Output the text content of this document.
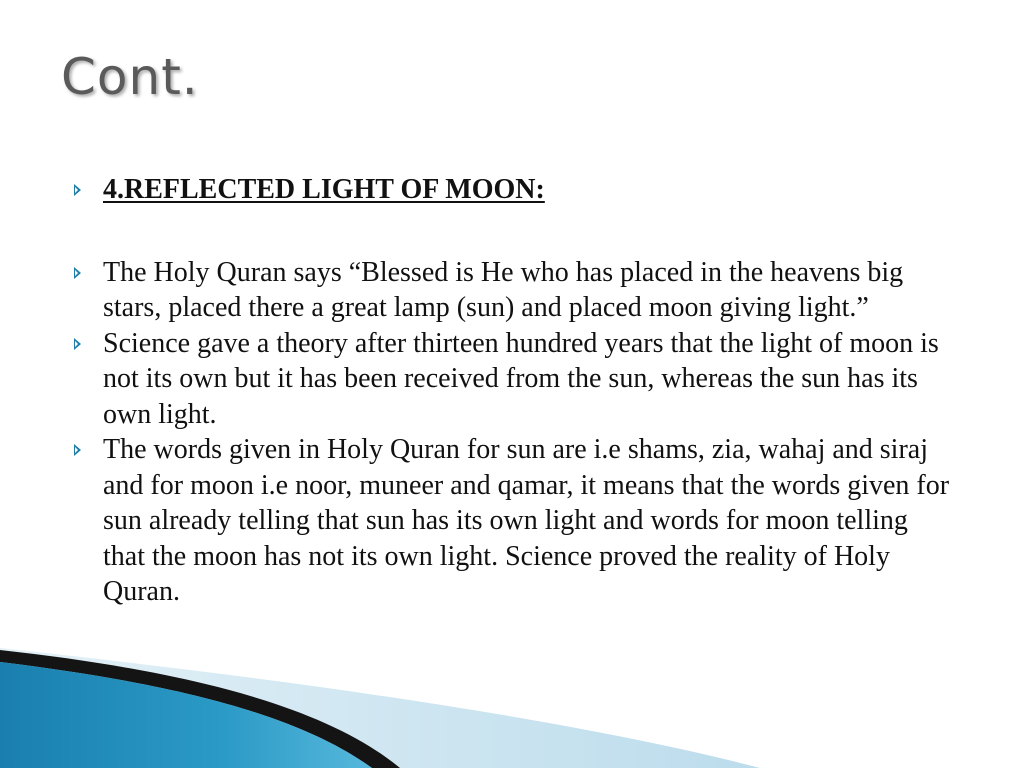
Cont.
4.REFLECTED LIGHT OF MOON:
The Holy Quran says “Blessed is He who has placed in the heavens big stars, placed there a great lamp (sun) and placed moon giving light.”
Science gave a theory after thirteen hundred years that the light of moon is not its own but it has been received from the sun, whereas the sun has its own light.
The words given in Holy Quran for sun are i.e shams, zia, wahaj and siraj and for moon i.e noor, muneer and qamar, it means that the words given for sun already telling that sun has its own light and words for moon telling that the moon has not its own light. Science proved the reality of Holy Quran.
